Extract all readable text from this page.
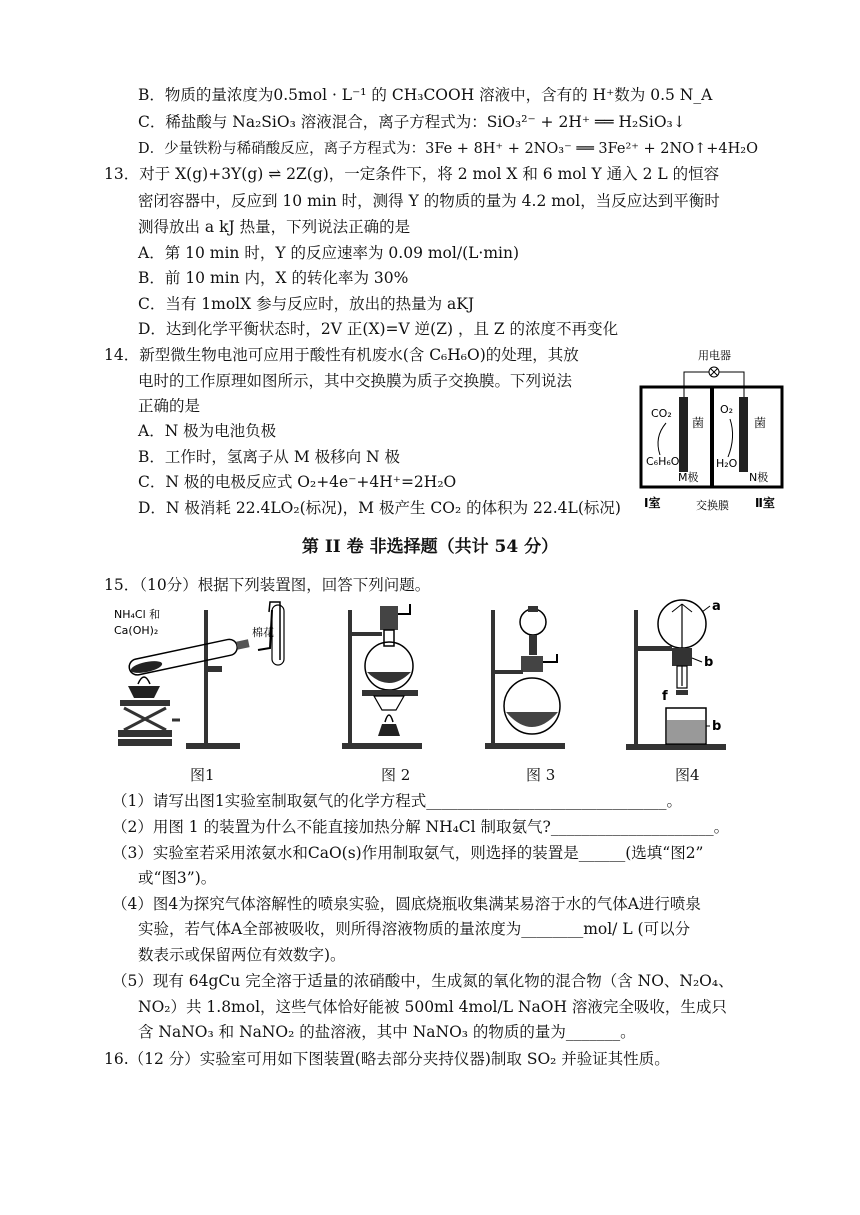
B．物质的量浓度为0.5mol · L⁻¹ 的 CH₃COOH 溶液中，含有的 H⁺数为 0.5 N_A
C．稀盐酸与 Na₂SiO₃ 溶液混合，离子方程式为：SiO₃²⁻ + 2H⁺ ══ H₂SiO₃↓
D．少量铁粉与稀硝酸反应，离子方程式为：3Fe + 8H⁺ + 2NO₃⁻ ══ 3Fe²⁺ + 2NO↑+4H₂O
13．对于 X(g)+3Y(g) ⇌ 2Z(g)，一定条件下，将 2 mol X 和 6 mol Y 通入 2 L 的恒容
密闭容器中，反应到 10 min 时，测得 Y 的物质的量为 4.2 mol，当反应达到平衡时
测得放出 a kJ 热量，下列说法正确的是
A．第 10 min 时，Y 的反应速率为 0.09 mol/(L·min)
B．前 10 min 内，X 的转化率为 30%
C．当有 1molX 参与反应时，放出的热量为 aKJ
D．达到化学平衡状态时，2V 正(X)=V 逆(Z) ，且 Z 的浓度不再变化
14．新型微生物电池可应用于酸性有机废水(含 C₆H₆O)的处理，其放
电时的工作原理如图所示，其中交换膜为质子交换膜。下列说法
正确的是
A．N 极为电池负极
B．工作时，氢离子从 M 极移向 N 极
C．N 极的电极反应式 O₂+4e⁻+4H⁺=2H₂O
D．N 极消耗 22.4LO₂(标况)，M 极产生 CO₂ 的体积为 22.4L(标况)
用电器
CO₂	O₂
菌	菌
C₆H₆O	H₂O
M极	N极
Ⅰ室	交换膜 Ⅱ室
第 II 卷 非选择题（共计 54 分）
15．（10分）根据下列装置图，回答下列问题。
NH₄Cl 和
Ca(OH)₂	棉花
a
b
f
b
图1	图 2	图 3	图4
（1）请写出图1实验室制取氨气的化学方程式_______________________________。
（2）用图 1 的装置为什么不能直接加热分解 NH₄Cl 制取氨气?_____________________。
（3）实验室若采用浓氨水和CaO(s)作用制取氨气，则选择的装置是______(选填“图2”
或“图3”)。
（4）图4为探究气体溶解性的喷泉实验，圆底烧瓶收集满某易溶于水的气体A进行喷泉
实验，若气体A全部被吸收，则所得溶液物质的量浓度为________mol/ L (可以分
数表示或保留两位有效数字)。
（5）现有 64gCu 完全溶于适量的浓硝酸中，生成氮的氧化物的混合物（含 NO、N₂O₄、
NO₂）共 1.8mol，这些气体恰好能被 500ml 4mol/L NaOH 溶液完全吸收，生成只
含 NaNO₃ 和 NaNO₂ 的盐溶液，其中 NaNO₃ 的物质的量为_______。
16.（12 分）实验室可用如下图装置(略去部分夹持仪器)制取 SO₂ 并验证其性质。
